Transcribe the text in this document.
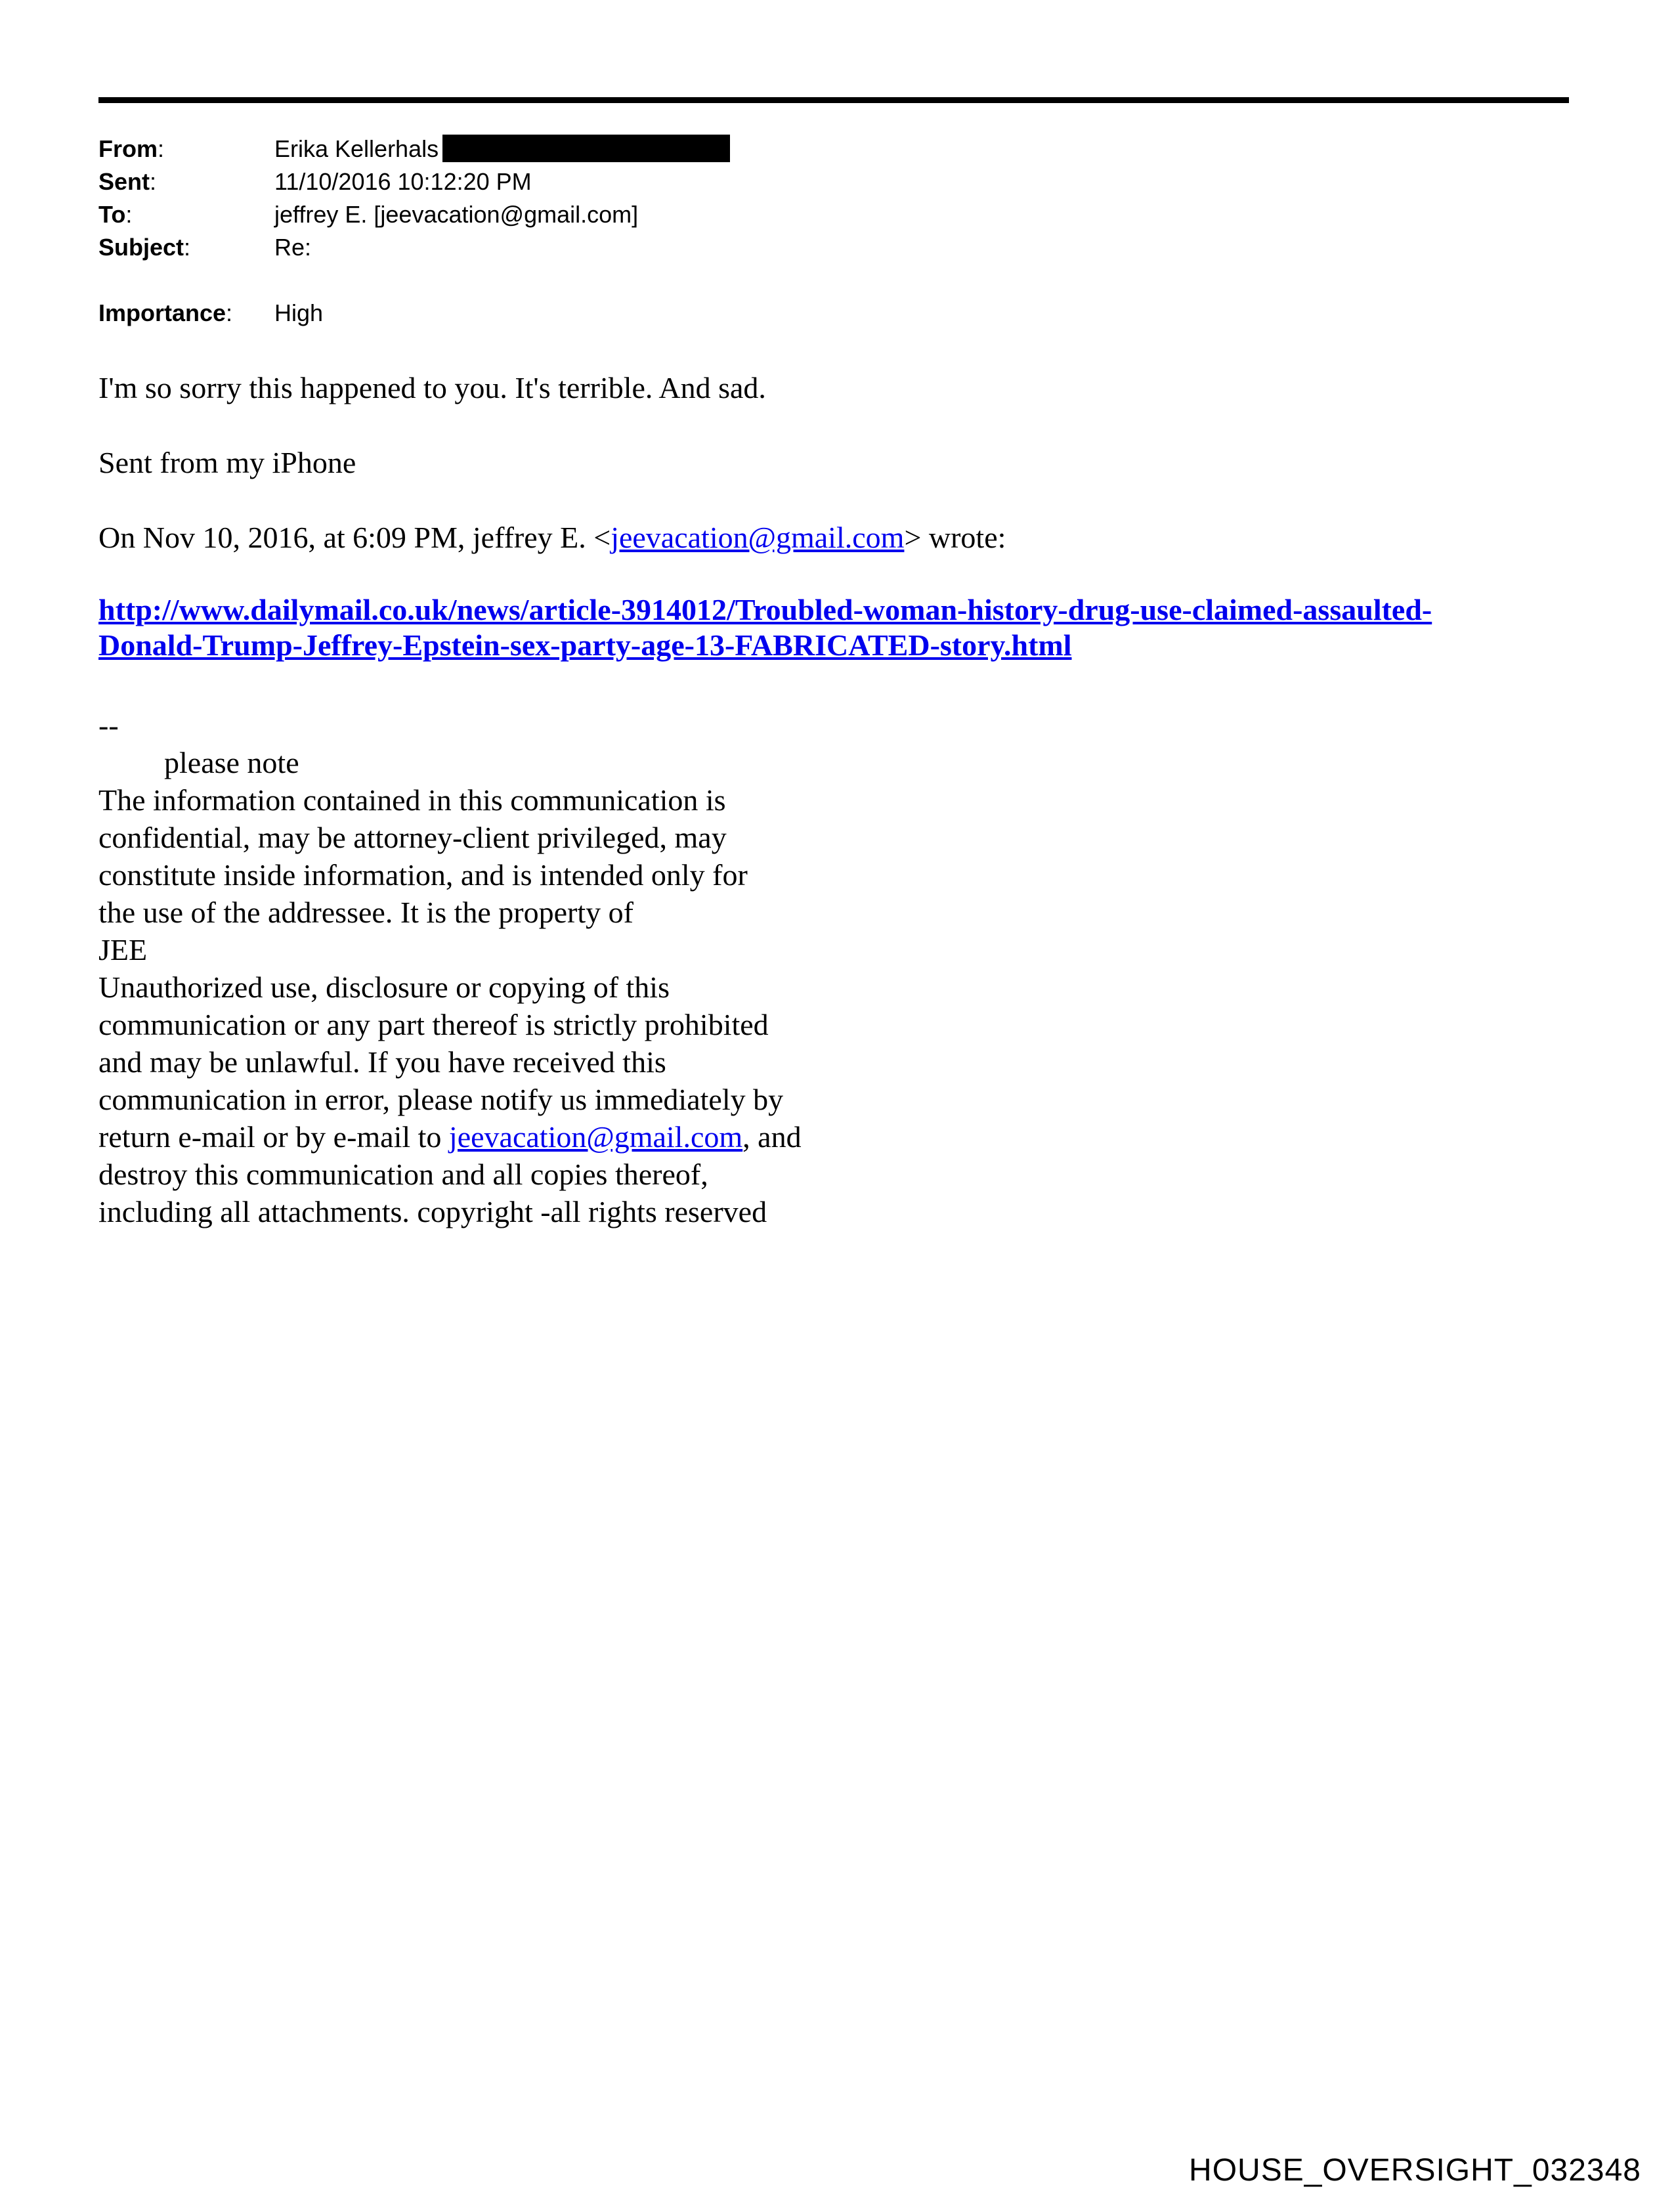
From:	Erika Kellerhals
Sent:	11/10/2016 10:12:20 PM
To:	jeffrey E. [jeevacation@gmail.com]
Subject:	Re:
Importance:	High
I'm so sorry this happened to you. It's terrible. And sad.
Sent from my iPhone
On Nov 10, 2016, at 6:09 PM, jeffrey E. <jeevacation@gmail.com> wrote:
http://www.dailymail.co.uk/news/article-3914012/Troubled-woman-history-drug-use-claimed-assaulted-
Donald-Trump-Jeffrey-Epstein-sex-party-age-13-FABRICATED-story.html
--
please note
The information contained in this communication is
confidential, may be attorney-client privileged, may
constitute inside information, and is intended only for
the use of the addressee. It is the property of
JEE
Unauthorized use, disclosure or copying of this
communication or any part thereof is strictly prohibited
and may be unlawful. If you have received this
communication in error, please notify us immediately by
return e-mail or by e-mail to jeevacation@gmail.com, and
destroy this communication and all copies thereof,
including all attachments. copyright -all rights reserved
HOUSE_OVERSIGHT_032348
